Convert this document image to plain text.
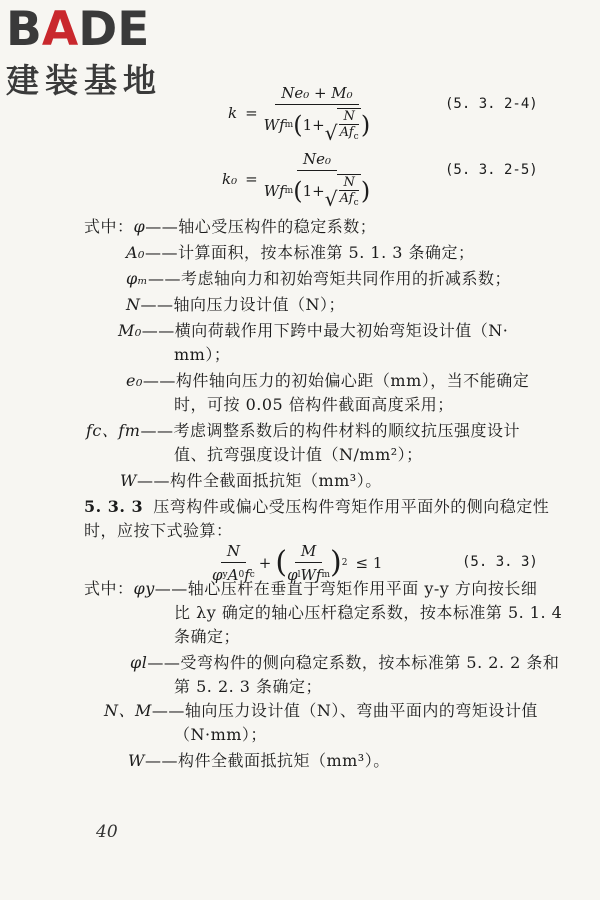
BADE
建装基地
k = Ne₀ + M₀
Wf m ( 1+ √
N
$Af_c$ )	(5. 3. 2-4)
k₀ = Ne₀
Wf m ( 1+ √
N
$Af_c$ )	(5. 3. 2-5)
式中：φ——轴心受压构件的稳定系数；
A₀——计算面积，按本标准第 5. 1. 3 条确定；
φₘ——考虑轴向力和初始弯矩共同作用的折减系数；
N——轴向压力设计值（N）；
M₀——横向荷载作用下跨中最大初始弯矩设计值（N·
mm）；
e₀——构件轴向压力的初始偏心距（mm），当不能确定
时，可按 0.05 倍构件截面高度采用；
fc、fm——考虑调整系数后的构件材料的顺纹抗压强度设计
值、抗弯强度设计值（N/mm²）；
W——构件全截面抵抗矩（mm³）。
5. 3. 3 压弯构件或偏心受压构件弯矩作用平面外的侧向稳定性
时，应按下式验算：
$\frac{N}{\text{φ y A 0 f c}}$ + ( $\frac{M}{\text{φ l Wf m}}$ ) 2 ≤ 1	(5. 3. 3)
式中：φy——轴心压杆在垂直于弯矩作用平面 y-y 方向按长细
比 λy 确定的轴心压杆稳定系数，按本标准第 5. 1. 4
条确定；
φl——受弯构件的侧向稳定系数，按本标准第 5. 2. 2 条和
第 5. 2. 3 条确定；
N、M——轴向压力设计值（N）、弯曲平面内的弯矩设计值
（N·mm）；
W——构件全截面抵抗矩（mm³）。
40
